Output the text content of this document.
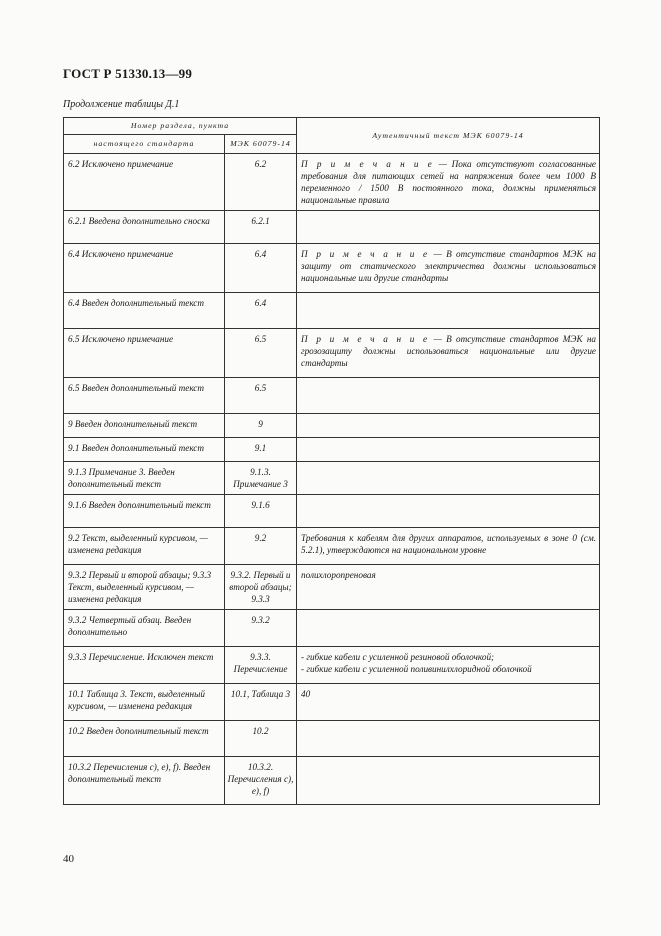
ГОСТ Р 51330.13—99
Продолжение таблицы Д.1
Номер раздела, пункта		Аутентичный текст МЭК 60079-14
настоящего стандарта	МЭК 60079-14	
6.2 Исключено примечание	6.2	П р и м е ч а н и е — Пока отсутствуют согласованные требования для питающих сетей на напряжения более чем 1000 В переменного / 1500 В постоянного тока, должны применяться национальные правила
6.2.1 Введена дополнительно сноска	6.2.1	
6.4 Исключено примечание	6.4	П р и м е ч а н и е — В отсутствие стандартов МЭК на защиту от статического электричества должны использоваться национальные или другие стандарты
6.4 Введен дополнительный текст	6.4	
6.5 Исключено примечание	6.5	П р и м е ч а н и е — В отсутствие стандартов МЭК на грозозащиту должны использоваться национальные или другие стандарты
6.5 Введен дополнительный текст	6.5	
9 Введен дополнительный текст	9	
9.1 Введен дополнительный текст	9.1	
9.1.3 Примечание 3. Введен дополнительный текст	9.1.3. Примечание 3	
9.1.6 Введен дополнительный текст	9.1.6	
9.2 Текст, выделенный курсивом, — изменена редакция	9.2	Требования к кабелям для других аппаратов, используемых в зоне 0 (см. 5.2.1), утверждаются на национальном уровне
9.3.2 Первый и второй абзацы; 9.3.3 Текст, выделенный курсивом, — изменена редакция	9.3.2. Первый и второй абзацы; 9.3.3	полихлоропреновая
9.3.2 Четвертый абзац. Введен дополнительно	9.3.2	
9.3.3 Перечисление. Исключен текст	9.3.3. Перечисление	- гибкие кабели с усиленной резиновой оболочкой;
- гибкие кабели с усиленной поливинилхлоридной оболочкой
10.1 Таблица 3. Текст, выделенный курсивом, — изменена редакция	10.1, Таблица 3	40
10.2 Введен дополнительный текст	10.2	
10.3.2 Перечисления с), е), f). Введен дополнительный текст	10.3.2. Перечисления с), е), f)	
40
